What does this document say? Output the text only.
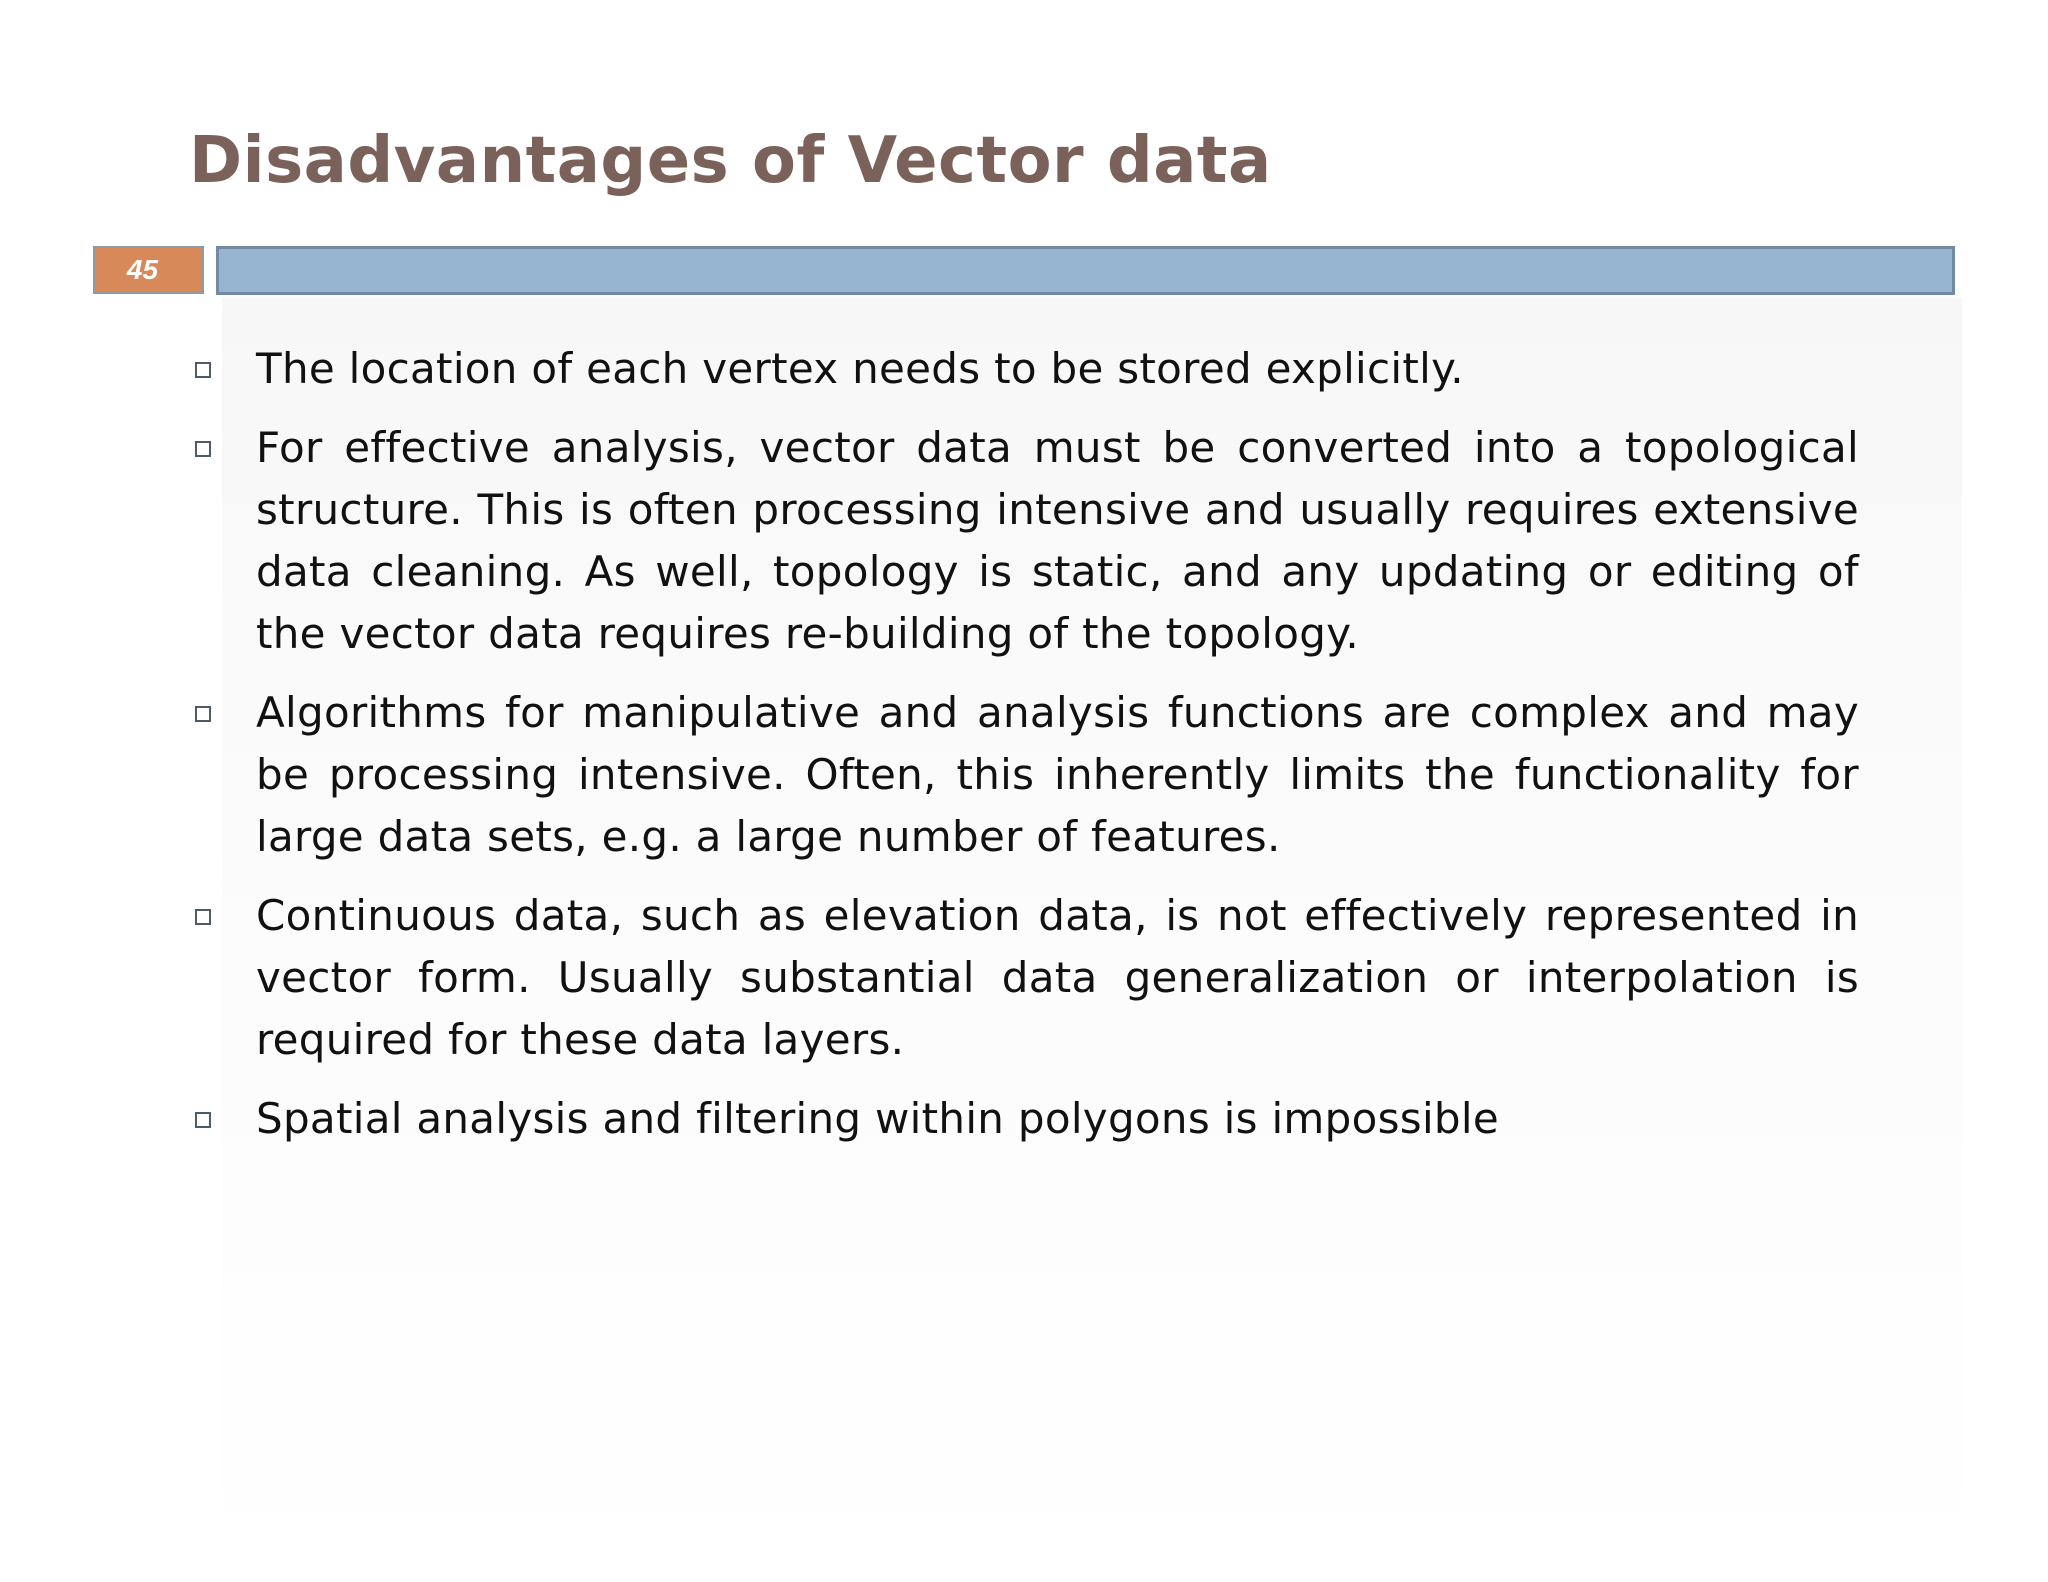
Disadvantages of Vector data
45
The location of each vertex needs to be stored explicitly.
For effective analysis, vector data must be converted into a topological structure. This is often processing intensive and usually requires extensive data cleaning. As well, topology is static, and any updating or editing of the vector data requires re-building of the topology.
Algorithms for manipulative and analysis functions are complex and may be processing intensive. Often, this inherently limits the functionality for large data sets, e.g. a large number of features.
Continuous data, such as elevation data, is not effectively represented in vector form. Usually substantial data generalization or interpolation is required for these data layers.
Spatial analysis and filtering within polygons is impossible
